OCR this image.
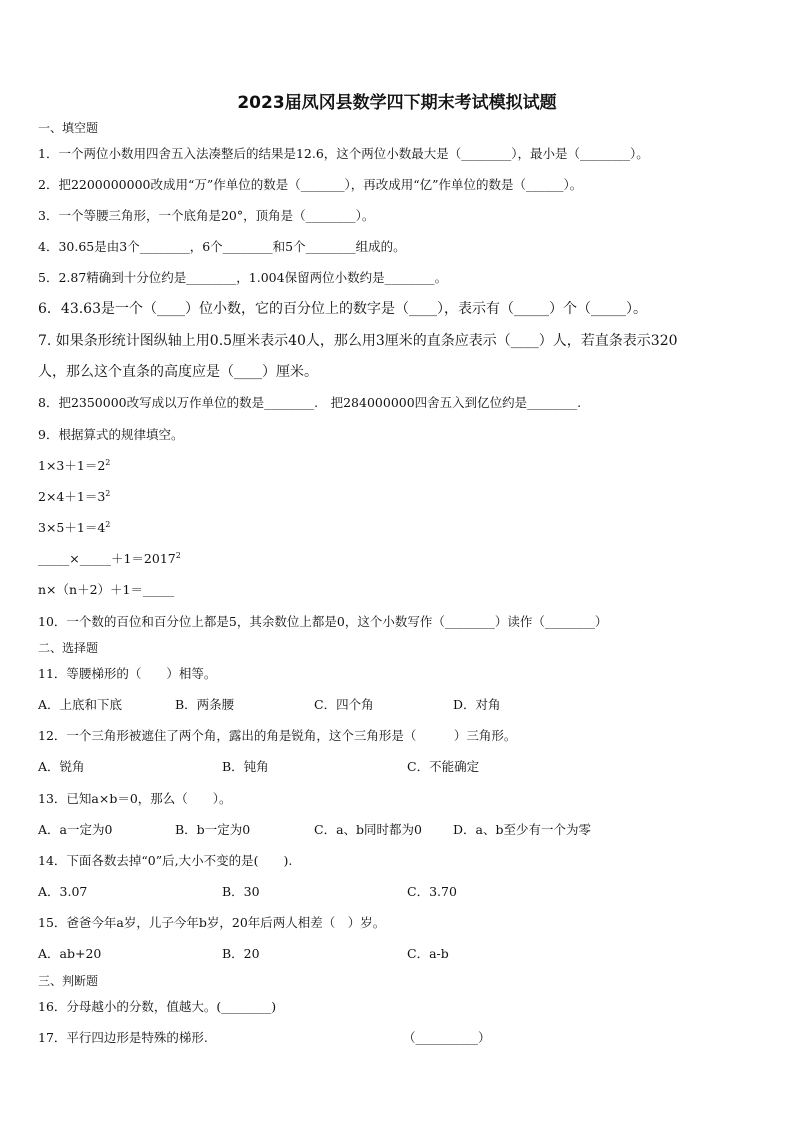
2023届凤冈县数学四下期末考试模拟试题
一、填空题
1．一个两位小数用四舍五入法凑整后的结果是12.6，这个两位小数最大是（________），最小是（________）。
2．把2200000000改成用“万”作单位的数是（_______），再改成用“亿”作单位的数是（______）。
3．一个等腰三角形，一个底角是20°，顶角是（________）。
4．30.65是由3个________，6个________和5个________组成的。
5．2.87精确到十分位约是________，1.004保留两位小数约是________。
6．43.63是一个（____）位小数，它的百分位上的数字是（____），表示有（_____）个（_____）。
7. 如果条形统计图纵轴上用0.5厘米表示40人，那么用3厘米的直条应表示（____）人，若直条表示320
人，那么这个直条的高度应是（____）厘米。
8．把2350000改写成以万作单位的数是________.　把284000000四舍五入到亿位约是________.
9．根据算式的规律填空。
$1\times 3+1=2^2$
$2\times 4+1=3^2$
$3\times 5+1=4^2$
$\_\_\_\_\_\times\_\_\_\_\_+1=2017^2$
n×（n＋2）＋1＝_____
10．一个数的百位和百分位上都是5，其余数位上都是0，这个小数写作（________）读作（________）
二、选择题
11．等腰梯形的（　　）相等。
A．上底和下底	B．两条腰	C．四个角	D．对角
12．一个三角形被遮住了两个角，露出的角是锐角，这个三角形是（　　　）三角形。
A．锐角	B．钝角	C．不能确定
13．已知a×b＝0，那么（　　）。
A．a一定为0	B．b一定为0	C．a、b同时都为0 D．a、b至少有一个为零
14．下面各数去掉“0”后,大小不变的是(　　).
A．3.07	B．30	C．3.70
15．爸爸今年a岁，儿子今年b岁，20年后两人相差（　）岁。
A．ab+20	B．20	C．a-b
三、判断题
16．分母越小的分数，值越大。(________)
17．平行四边形是特殊的梯形.	（__________）
